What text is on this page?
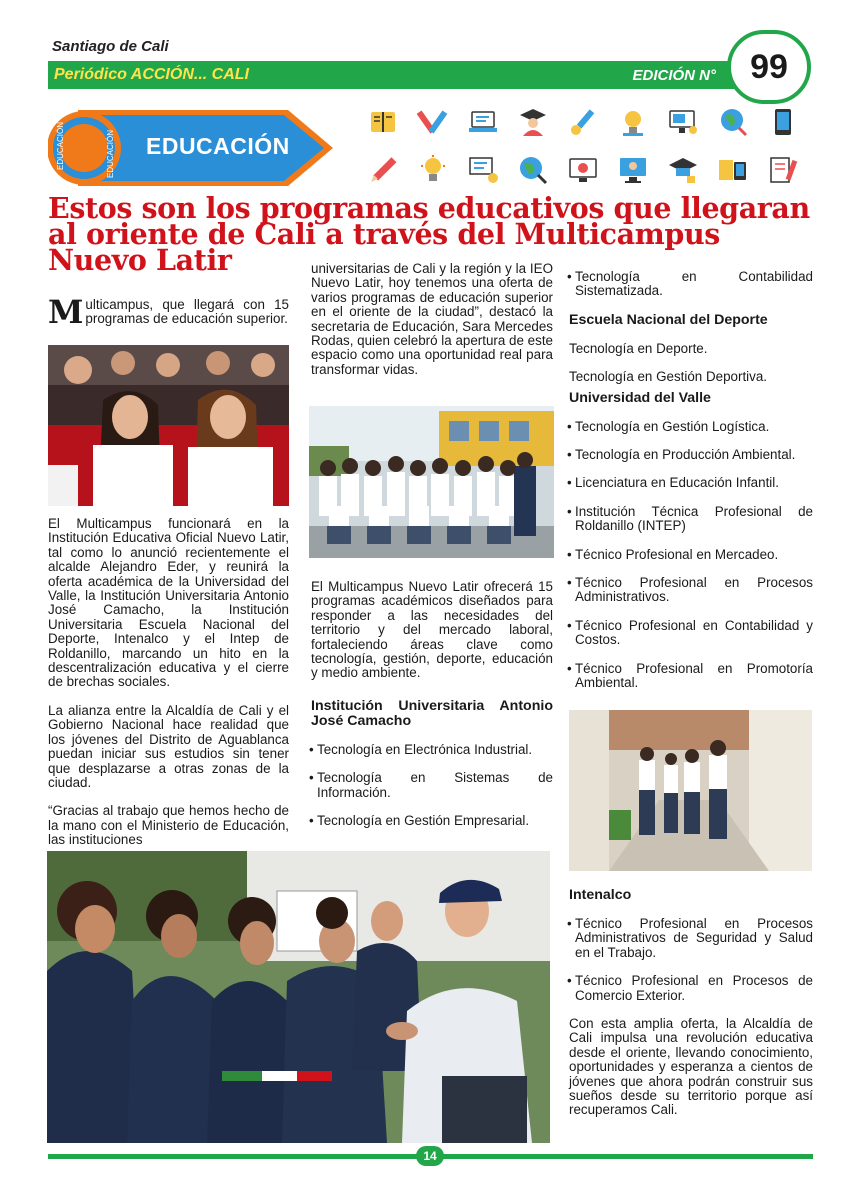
Santiago de Cali
Periódico ACCIÓN... CALI	EDICIÓN N°	99
EDUCACIÓN	EDUCACIÓN EDUCACIÓN
Estos son los programas educativos que llegaran al oriente de Cali a través del Multicampus Nuevo Latir
Multicampus, que llegará con 15 programas de educación superior.

El Multicampus funcionará en la Institución Educativa Oficial Nuevo Latir, tal como lo anunció recientemente el alcalde Alejandro Eder, y reunirá la oferta académica de la Universidad del Valle, la Institución Universitaria Antonio José Camacho, la Institución Universitaria Escuela Nacional del Deporte, Intenalco y el Intep de Roldanillo, marcando un hito en la descentralización educativa y el cierre de brechas sociales.

La alianza entre la Alcaldía de Cali y el Gobierno Nacional hace realidad que los jóvenes del Distrito de Aguablanca puedan iniciar sus estudios sin tener que desplazarse a otras zonas de la ciudad.

“Gracias al trabajo que hemos hecho de la mano con el Ministerio de Educación, las instituciones

universitarias de Cali y la región y la IEO Nuevo Latir, hoy tenemos una oferta de varios programas de educación superior en el oriente de la ciudad”, destacó la secretaria de Educación, Sara Mercedes Rodas, quien celebró la apertura de este espacio como una oportunidad real para transformar vidas.

El Multicampus Nuevo Latir ofrecerá 15 programas académicos diseñados para responder a las necesidades del territorio y del mercado laboral, fortaleciendo áreas clave como tecnología, gestión, deporte, educación y medio ambiente.

Institución Universitaria Antonio José Camacho
• Tecnología en Electrónica Industrial.
• Tecnología en Sistemas de Información.
• Tecnología en Gestión Empresarial.
• Tecnología en Contabilidad Sistematizada.
Escuela Nacional del Deporte
Tecnología en Deporte.
Tecnología en Gestión Deportiva.
Universidad del Valle
• Tecnología en Gestión Logística.
• Tecnología en Producción Ambiental.
• Licenciatura en Educación Infantil.
• Institución Técnica Profesional de Roldanillo (INTEP)
• Técnico Profesional en Mercadeo.
• Técnico Profesional en Procesos Administrativos.
• Técnico Profesional en Contabilidad y Costos.
• Técnico Profesional en Promotoría Ambiental.
Intenalco
• Técnico Profesional en Procesos Administrativos de Seguridad y Salud en el Trabajo.
• Técnico Profesional en Procesos de Comercio Exterior.

Con esta amplia oferta, la Alcaldía de Cali impulsa una revolución educativa desde el oriente, llevando conocimiento, oportunidades y esperanza a cientos de jóvenes que ahora podrán construir sus sueños desde su territorio porque así recuperamos Cali.

14
